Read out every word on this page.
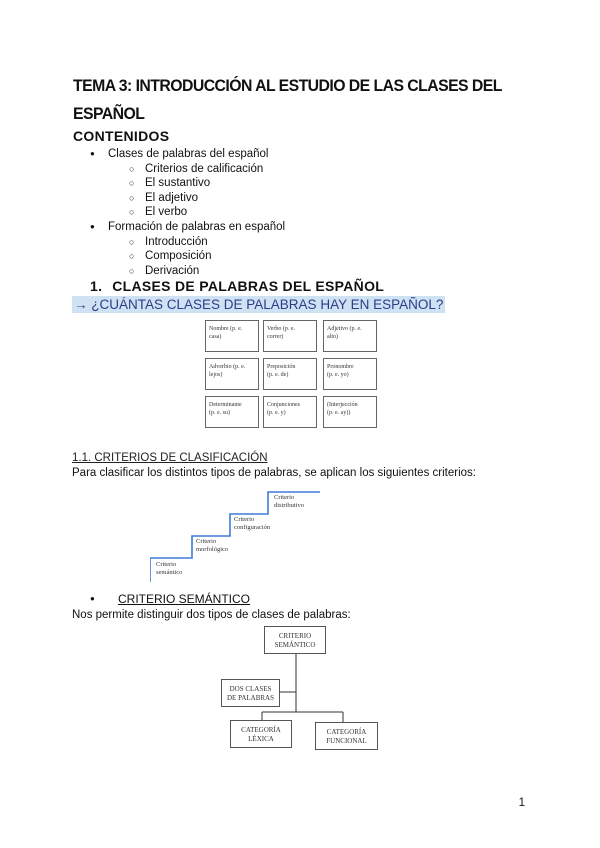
TEMA 3: INTRODUCCIÓN AL ESTUDIO DE LAS CLASES DEL ESPAÑOL
CONTENIDOS
● Clases de palabras del español
○ Criterios de calificación
○ El sustantivo
○ El adjetivo
○ El verbo
● Formación de palabras en español
○ Introducción
○ Composición
○ Derivación
1. CLASES DE PALABRAS DEL ESPAÑOL
→ ¿CUÁNTAS CLASES DE PALABRAS HAY EN ESPAÑOL?
Nombre (p. e.
casa)
Verbo (p. e.
correr)
Adjetivo (p. e.
alto)
Adverbio (p. e.
lejos)
Preposición
(p. e. de)
Pronombre
(p. e. yo)
Determinante
(p. e. su)
Conjunciones
(p. e. y)
(Interjección
(p. e. ay))
1.1. CRITERIOS DE CLASIFICACIÓN
Para clasificar los distintos tipos de palabras, se aplican los siguientes criterios:
Criterio
semántico
Criterio
morfológico
Criterio
configuración
Criterio
distributivo
● CRITERIO SEMÁNTICO
Nos permite distinguir dos tipos de clases de palabras:
CRITERIO
SEMÁNTICO
DOS CLASES
DE PALABRAS
CATEGORÍA
LÉXICA
CATEGORÍA
FUNCIONAL
1
